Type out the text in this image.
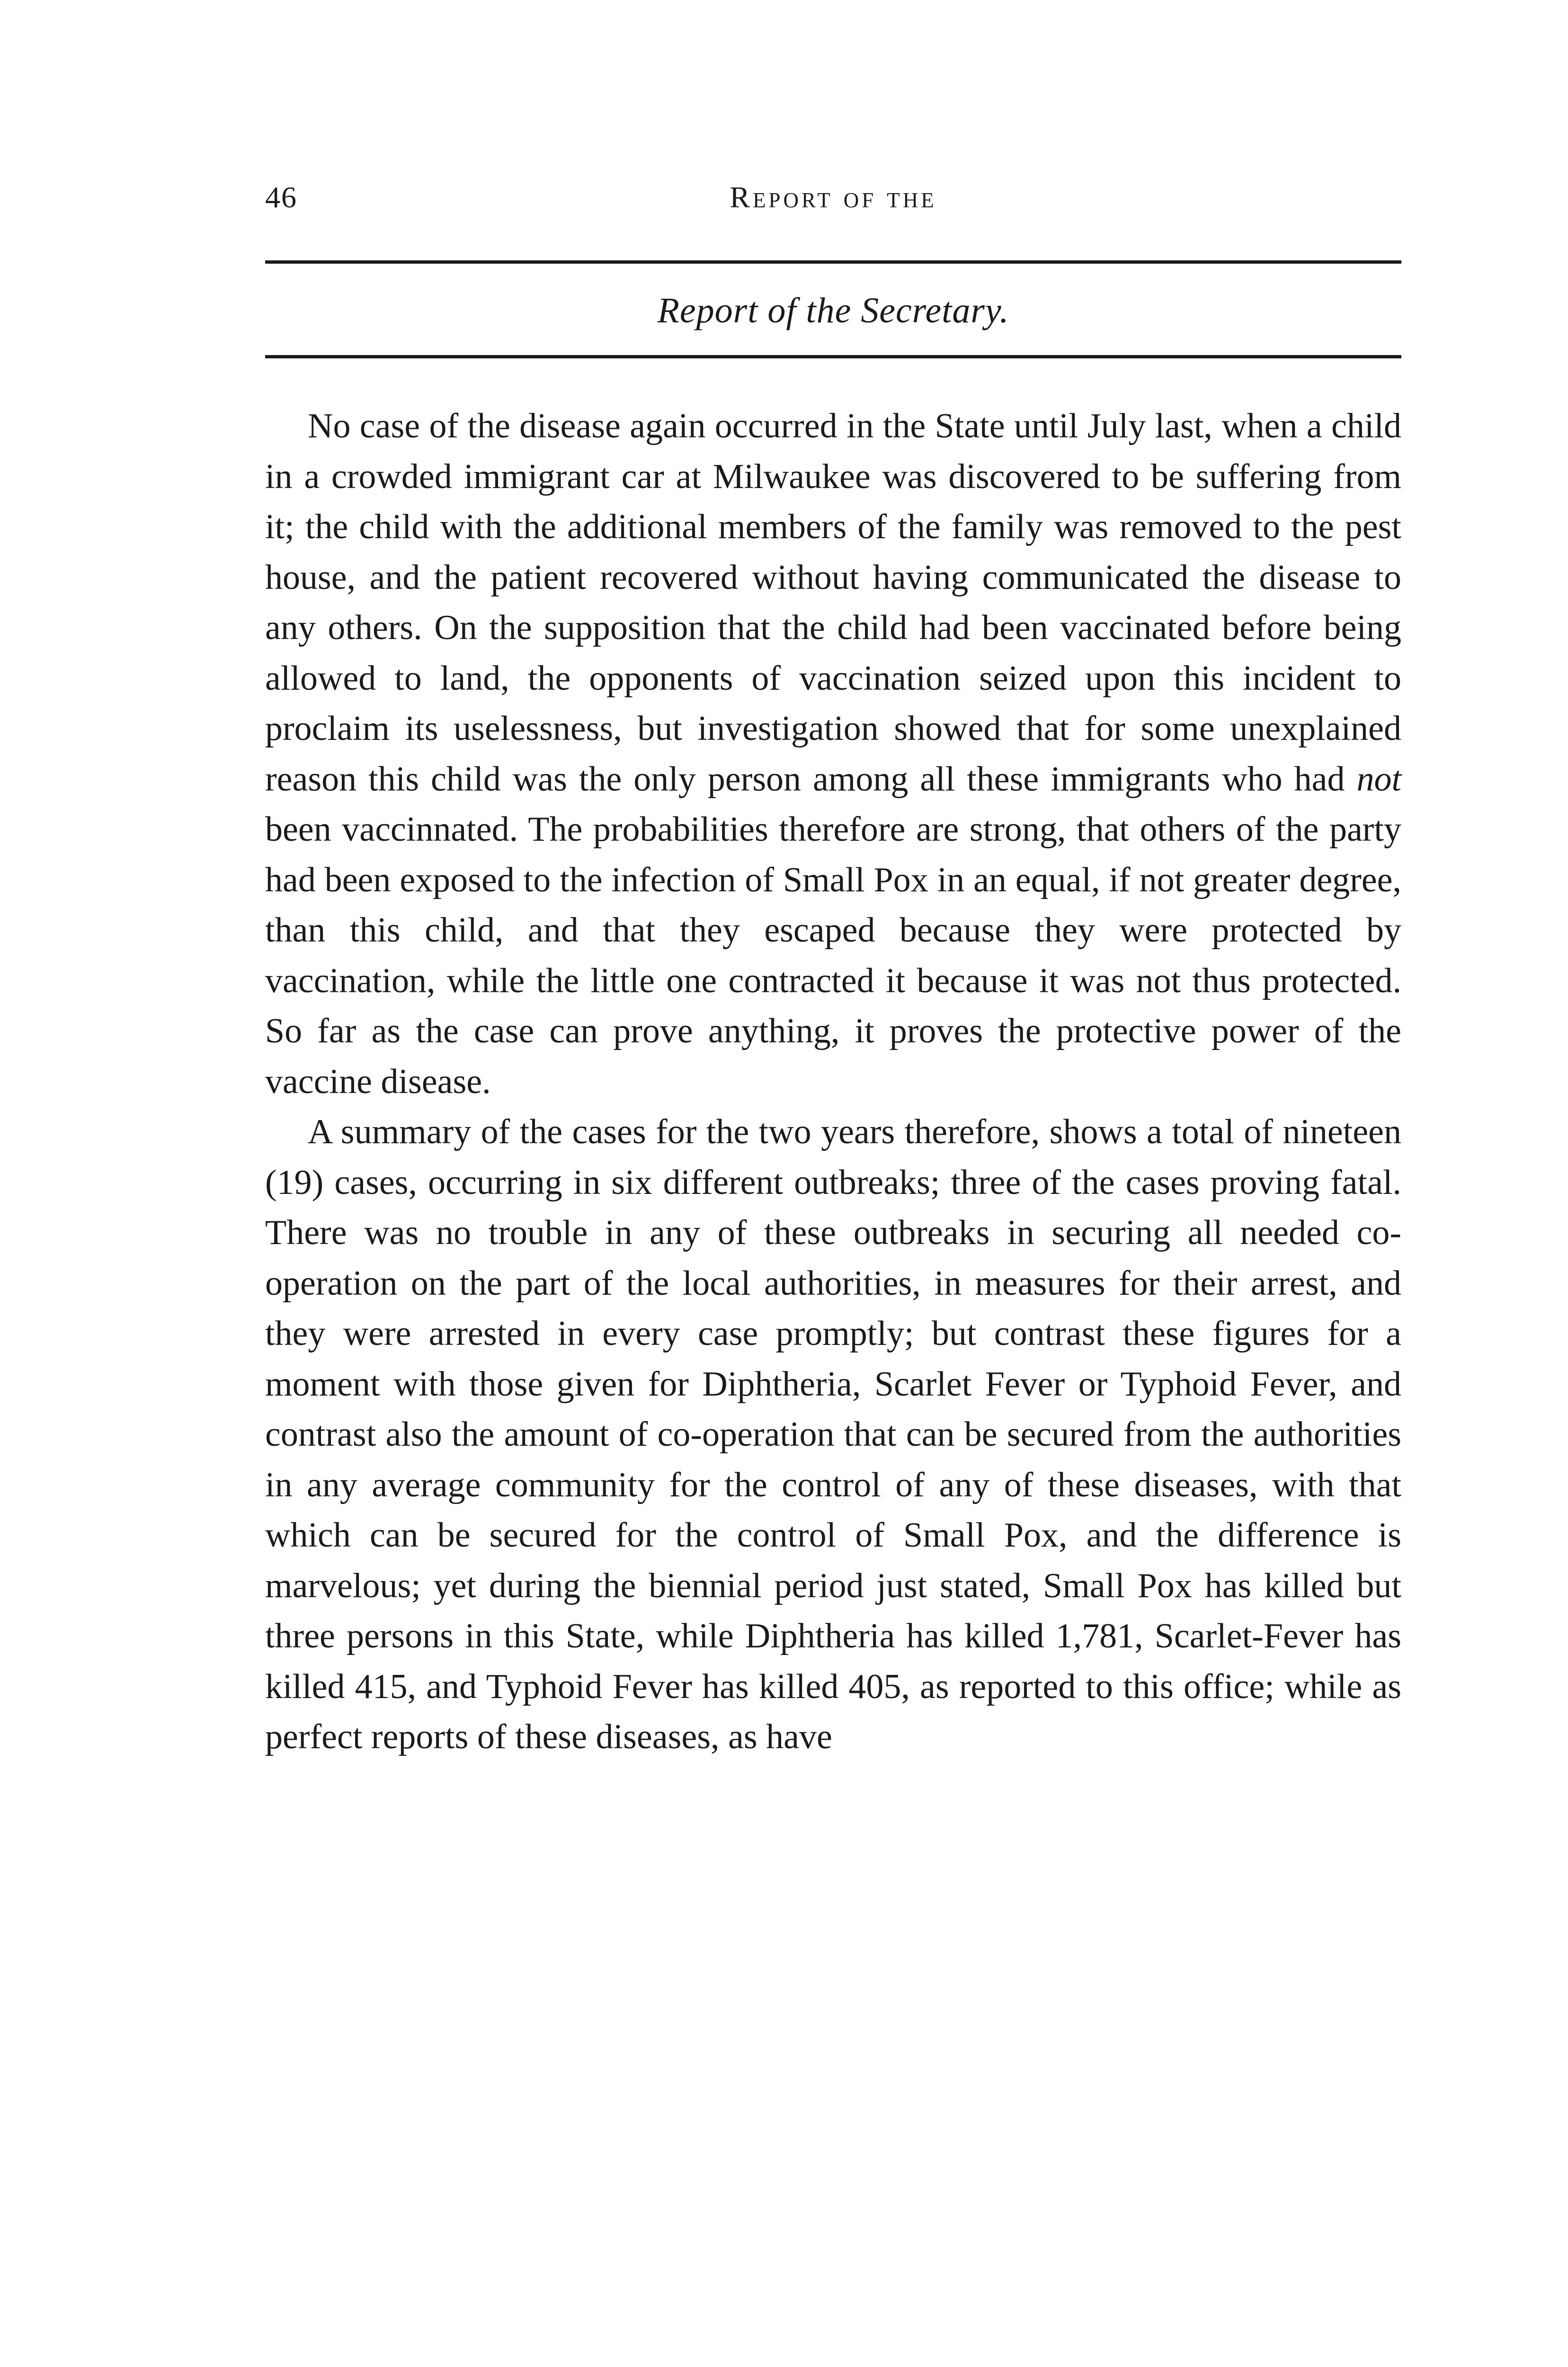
46	Report of the
Report of the Secretary.

No case of the disease again occurred in the State until July last, when a child in a crowded immigrant car at Milwaukee was discovered to be suffering from it; the child with the additional members of the family was removed to the pest house, and the patient recovered without having communicated the disease to any others. On the supposition that the child had been vaccinated before being allowed to land, the opponents of vaccination seized upon this incident to proclaim its uselessness, but investigation showed that for some unexplained reason this child was the only person among all these immigrants who had not been vaccinnated. The probabilities therefore are strong, that others of the party had been exposed to the infection of Small Pox in an equal, if not greater degree, than this child, and that they escaped because they were protected by vaccination, while the little one contracted it because it was not thus protected. So far as the case can prove anything, it proves the protective power of the vaccine disease.

A summary of the cases for the two years therefore, shows a total of nineteen (19) cases, occurring in six different outbreaks; three of the cases proving fatal. There was no trouble in any of these outbreaks in securing all needed co-operation on the part of the local authorities, in measures for their arrest, and they were arrested in every case promptly; but contrast these figures for a moment with those given for Diphtheria, Scarlet Fever or Typhoid Fever, and contrast also the amount of co-operation that can be secured from the authorities in any average community for the control of any of these diseases, with that which can be secured for the control of Small Pox, and the difference is marvelous; yet during the biennial period just stated, Small Pox has killed but three persons in this State, while Diphtheria has killed 1,781, Scarlet-Fever has killed 415, and Typhoid Fever has killed 405, as reported to this office; while as perfect reports of these diseases, as have
